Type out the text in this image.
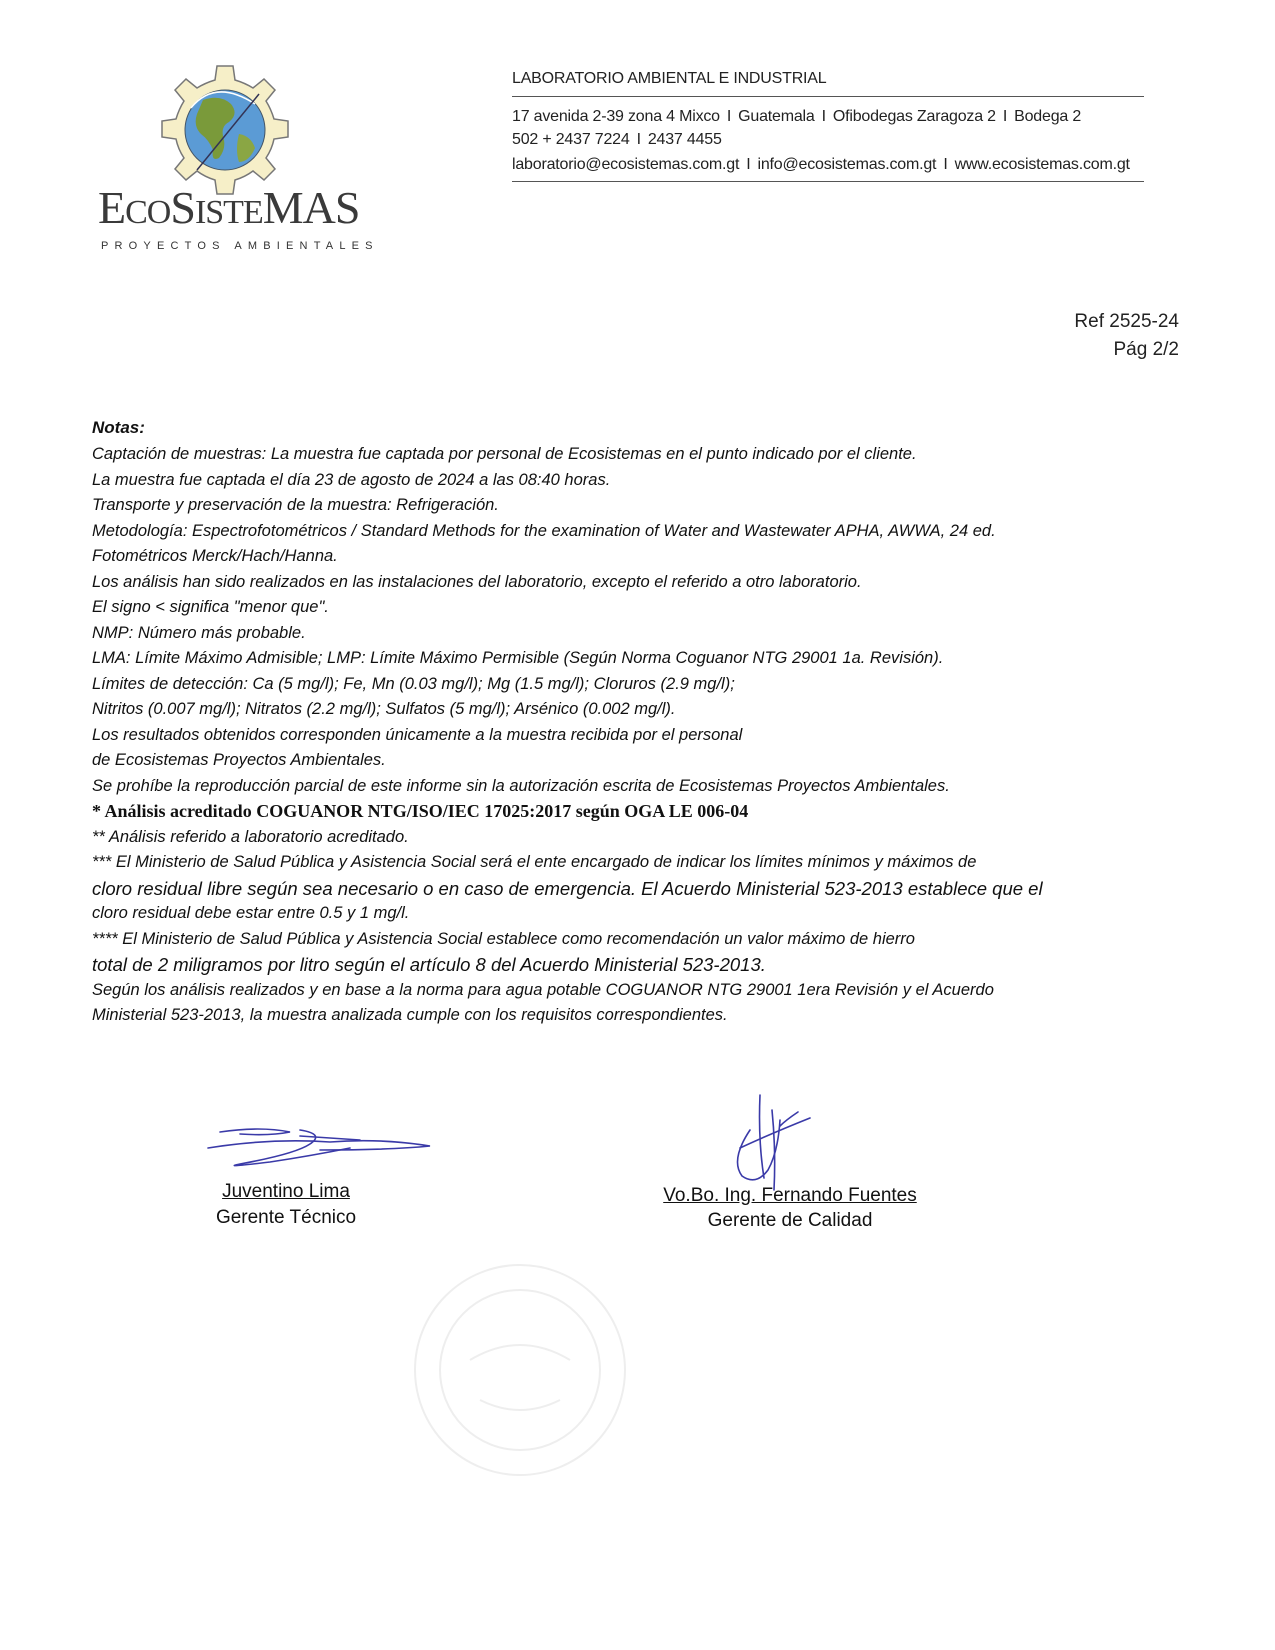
ECOSISTEMAS
PROYECTOS AMBIENTALES
LABORATORIO AMBIENTAL E INDUSTRIAL
17 avenida 2-39 zona 4 Mixco I Guatemala I Ofibodegas Zaragoza 2 I Bodega 2
502 + 2437 7224 I 2437 4455
laboratorio@ecosistemas.com.gt I info@ecosistemas.com.gt I www.ecosistemas.com.gt
Ref 2525-24
Pág 2/2
Notas:
Captación de muestras: La muestra fue captada por personal de Ecosistemas en el punto indicado por el cliente.
La muestra fue captada el día 23 de agosto de 2024 a las 08:40 horas.
Transporte y preservación de la muestra: Refrigeración.
Metodología: Espectrofotométricos / Standard Methods for the examination of Water and Wastewater APHA, AWWA, 24 ed.
Fotométricos Merck/Hach/Hanna.
Los análisis han sido realizados en las instalaciones del laboratorio, excepto el referido a otro laboratorio.
El signo < significa "menor que".
NMP: Número más probable.
LMA: Límite Máximo Admisible; LMP: Límite Máximo Permisible (Según Norma Coguanor NTG 29001 1a. Revisión).
Límites de detección: Ca (5 mg/l); Fe, Mn (0.03 mg/l); Mg (1.5 mg/l); Cloruros (2.9 mg/l);
Nitritos (0.007 mg/l); Nitratos (2.2 mg/l); Sulfatos (5 mg/l); Arsénico (0.002 mg/l).
Los resultados obtenidos corresponden únicamente a la muestra recibida por el personal
de Ecosistemas Proyectos Ambientales.
Se prohíbe la reproducción parcial de este informe sin la autorización escrita de Ecosistemas Proyectos Ambientales.
* Análisis acreditado COGUANOR NTG/ISO/IEC 17025:2017 según OGA LE 006-04
** Análisis referido a laboratorio acreditado.
*** El Ministerio de Salud Pública y Asistencia Social será el ente encargado de indicar los límites mínimos y máximos de
cloro residual libre según sea necesario o en caso de emergencia. El Acuerdo Ministerial 523-2013 establece que el
cloro residual debe estar entre 0.5 y 1 mg/l.
**** El Ministerio de Salud Pública y Asistencia Social establece como recomendación un valor máximo de hierro
total de 2 miligramos por litro según el artículo 8 del Acuerdo Ministerial 523-2013.
Según los análisis realizados y en base a la norma para agua potable COGUANOR NTG 29001 1era Revisión y el Acuerdo
Ministerial 523-2013, la muestra analizada cumple con los requisitos correspondientes.
Juventino Lima
Gerente Técnico
Vo.Bo. Ing. Fernando Fuentes
Gerente de Calidad
